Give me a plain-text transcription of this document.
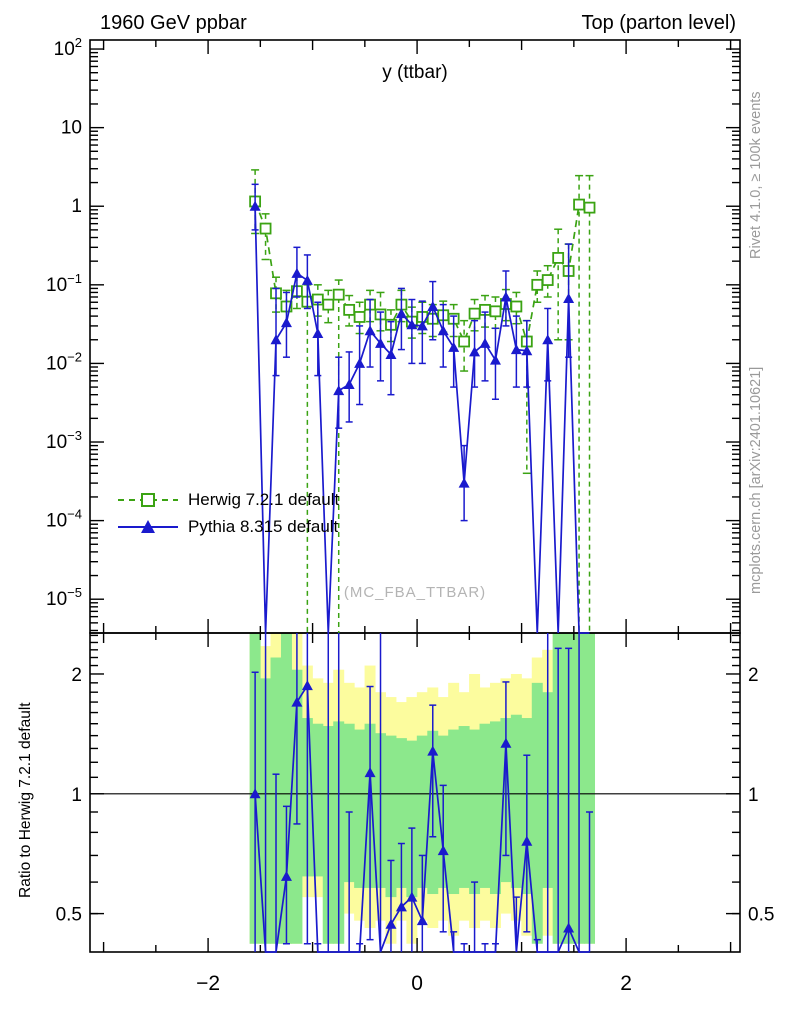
1960 GeV ppbar	Top (parton level)
$10^2$
10
1
$10^{-1}$
$10^{-2}$
$10^{-3}$
$10^{-4}$
$10^{-5}$
−2	0	2
2	2
1	1
0.5	0.5
y (ttbar)
Herwig 7.2.1 default
Pythia 8.315 default
(MC_FBA_TTBAR)
Rivet 4.1.0, ≥ 100k events
mcplots.cern.ch [arXiv:2401.10621]
Ratio to Herwig 7.2.1 default
